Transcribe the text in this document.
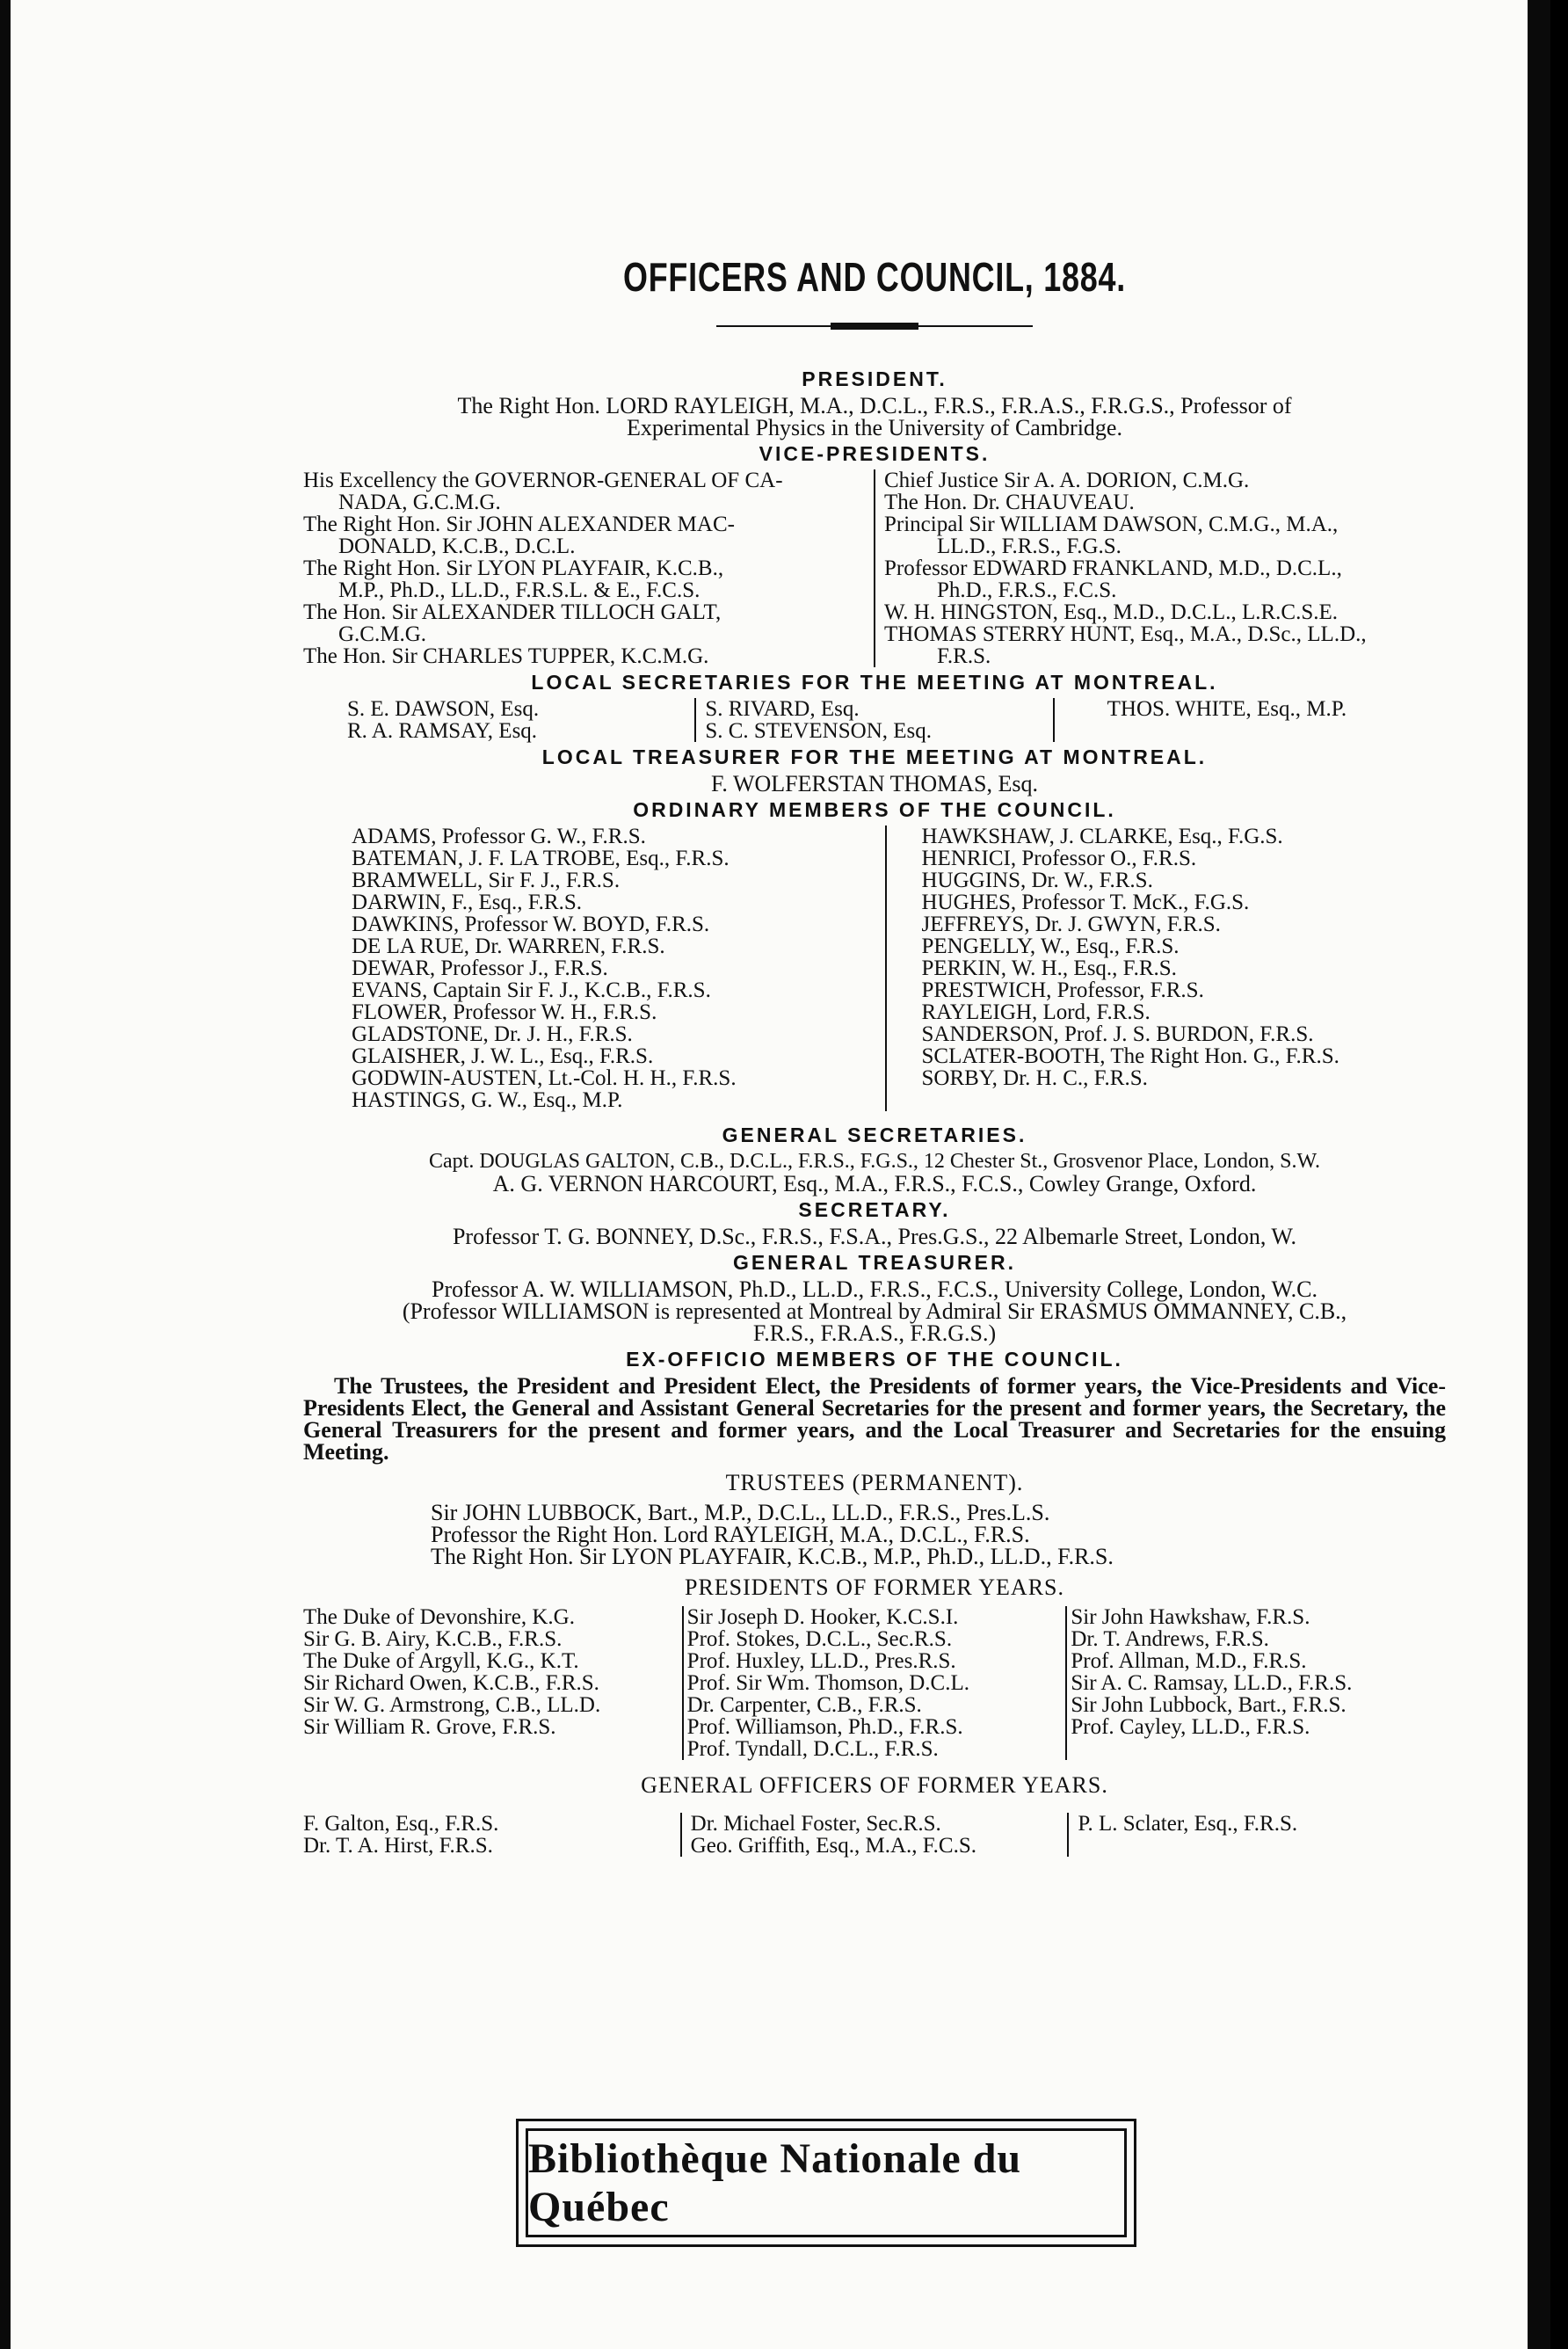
OFFICERS AND COUNCIL, 1884.
PRESIDENT.

The Right Hon. LORD RAYLEIGH, M.A., D.C.L., F.R.S., F.R.A.S., F.R.G.S., Professor of

Experimental Physics in the University of Cambridge.

VICE-PRESIDENTS.

His Excellency the GOVERNOR-GENERAL OF CA-

NADA, G.C.M.G.

The Right Hon. Sir JOHN ALEXANDER MAC-

DONALD, K.C.B., D.C.L.

The Right Hon. Sir LYON PLAYFAIR, K.C.B.,

M.P., Ph.D., LL.D., F.R.S.L. & E., F.C.S.

The Hon. Sir ALEXANDER TILLOCH GALT,

G.C.M.G.

The Hon. Sir CHARLES TUPPER, K.C.M.G.

Chief Justice Sir A. A. DORION, C.M.G.

The Hon. Dr. CHAUVEAU.

Principal Sir WILLIAM DAWSON, C.M.G., M.A.,

LL.D., F.R.S., F.G.S.

Professor EDWARD FRANKLAND, M.D., D.C.L.,

Ph.D., F.R.S., F.C.S.

W. H. HINGSTON, Esq., M.D., D.C.L., L.R.C.S.E.

THOMAS STERRY HUNT, Esq., M.A., D.Sc., LL.D.,

F.R.S.

LOCAL SECRETARIES FOR THE MEETING AT MONTREAL.

S. E. DAWSON, Esq.

R. A. RAMSAY, Esq.

S. RIVARD, Esq.

S. C. STEVENSON, Esq.

THOS. WHITE, Esq., M.P.

LOCAL TREASURER FOR THE MEETING AT MONTREAL.

F. WOLFERSTAN THOMAS, Esq.

ORDINARY MEMBERS OF THE COUNCIL.

ADAMS, Professor G. W., F.R.S.

BATEMAN, J. F. LA TROBE, Esq., F.R.S.

BRAMWELL, Sir F. J., F.R.S.

DARWIN, F., Esq., F.R.S.

DAWKINS, Professor W. BOYD, F.R.S.

DE LA RUE, Dr. WARREN, F.R.S.

DEWAR, Professor J., F.R.S.

EVANS, Captain Sir F. J., K.C.B., F.R.S.

FLOWER, Professor W. H., F.R.S.

GLADSTONE, Dr. J. H., F.R.S.

GLAISHER, J. W. L., Esq., F.R.S.

GODWIN-AUSTEN, Lt.-Col. H. H., F.R.S.

HASTINGS, G. W., Esq., M.P.

HAWKSHAW, J. CLARKE, Esq., F.G.S.

HENRICI, Professor O., F.R.S.

HUGGINS, Dr. W., F.R.S.

HUGHES, Professor T. McK., F.G.S.

JEFFREYS, Dr. J. GWYN, F.R.S.

PENGELLY, W., Esq., F.R.S.

PERKIN, W. H., Esq., F.R.S.

PRESTWICH, Professor, F.R.S.

RAYLEIGH, Lord, F.R.S.

SANDERSON, Prof. J. S. BURDON, F.R.S.

SCLATER-BOOTH, The Right Hon. G., F.R.S.

SORBY, Dr. H. C., F.R.S.

GENERAL SECRETARIES.

Capt. DOUGLAS GALTON, C.B., D.C.L., F.R.S., F.G.S., 12 Chester St., Grosvenor Place, London, S.W.

A. G. VERNON HARCOURT, Esq., M.A., F.R.S., F.C.S., Cowley Grange, Oxford.

SECRETARY.

Professor T. G. BONNEY, D.Sc., F.R.S., F.S.A., Pres.G.S., 22 Albemarle Street, London, W.

GENERAL TREASURER.

Professor A. W. WILLIAMSON, Ph.D., LL.D., F.R.S., F.C.S., University College, London, W.C.

(Professor WILLIAMSON is represented at Montreal by Admiral Sir ERASMUS OMMANNEY, C.B.,

F.R.S., F.R.A.S., F.R.G.S.)

EX-OFFICIO MEMBERS OF THE COUNCIL.

The Trustees, the President and President Elect, the Presidents of former years, the Vice-Presidents and Vice-Presidents Elect, the General and Assistant General Secretaries for the present and former years, the Secretary, the General Treasurers for the present and former years, and the Local Treasurer and Secretaries for the ensuing Meeting.

TRUSTEES (PERMANENT).

Sir JOHN LUBBOCK, Bart., M.P., D.C.L., LL.D., F.R.S., Pres.L.S.

Professor the Right Hon. Lord RAYLEIGH, M.A., D.C.L., F.R.S.

The Right Hon. Sir LYON PLAYFAIR, K.C.B., M.P., Ph.D., LL.D., F.R.S.

PRESIDENTS OF FORMER YEARS.

The Duke of Devonshire, K.G.

Sir G. B. Airy, K.C.B., F.R.S.

The Duke of Argyll, K.G., K.T.

Sir Richard Owen, K.C.B., F.R.S.

Sir W. G. Armstrong, C.B., LL.D.

Sir William R. Grove, F.R.S.

Sir Joseph D. Hooker, K.C.S.I.

Prof. Stokes, D.C.L., Sec.R.S.

Prof. Huxley, LL.D., Pres.R.S.

Prof. Sir Wm. Thomson, D.C.L.

Dr. Carpenter, C.B., F.R.S.

Prof. Williamson, Ph.D., F.R.S.

Prof. Tyndall, D.C.L., F.R.S.

Sir John Hawkshaw, F.R.S.

Dr. T. Andrews, F.R.S.

Prof. Allman, M.D., F.R.S.

Sir A. C. Ramsay, LL.D., F.R.S.

Sir John Lubbock, Bart., F.R.S.

Prof. Cayley, LL.D., F.R.S.

GENERAL OFFICERS OF FORMER YEARS.

F. Galton, Esq., F.R.S.

Dr. T. A. Hirst, F.R.S.

Dr. Michael Foster, Sec.R.S.

Geo. Griffith, Esq., M.A., F.C.S.

P. L. Sclater, Esq., F.R.S.

Bibliothèque Nationale du Québec
